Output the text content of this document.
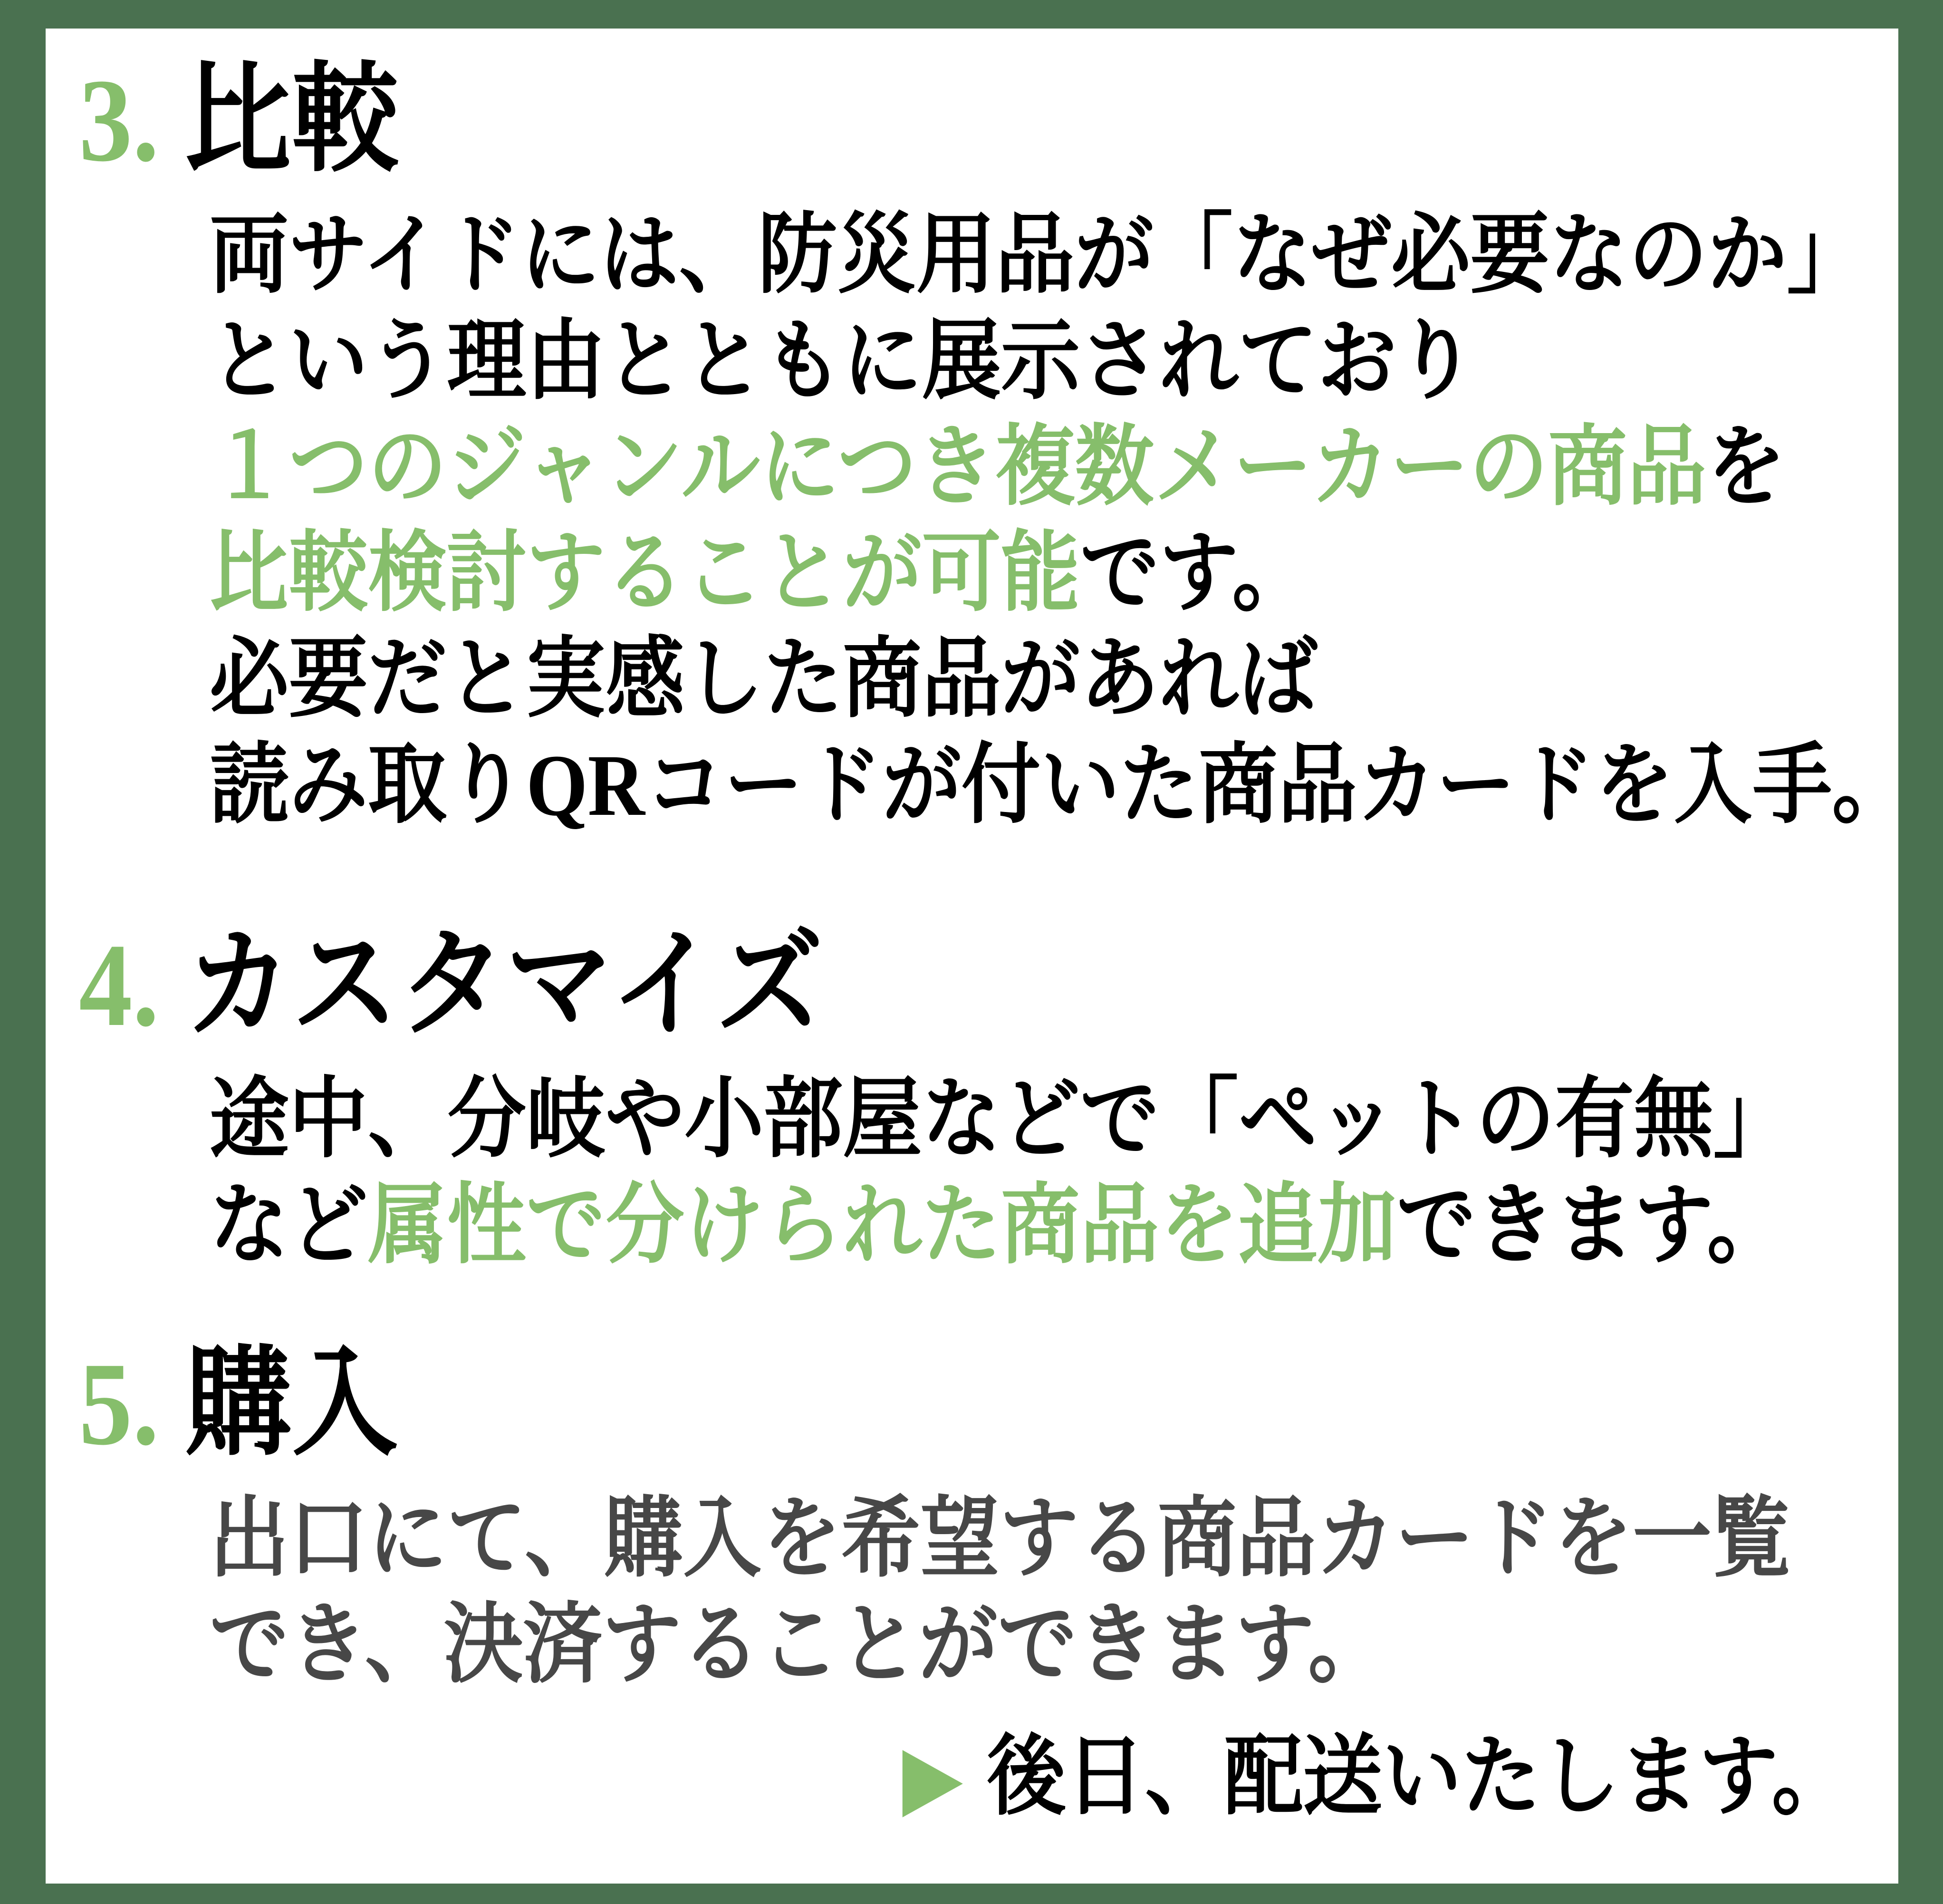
3. 比較

両サイドには、防災用品が「なぜ必要なのか」

という理由とともに展示されており

１つのジャンルにつき複数メーカーの商品を

比較検討することが可能です。

必要だと実感した商品があれば

読み取りQRコードが付いた商品カードを入手。

4. カスタマイズ

途中、分岐や小部屋などで「ペットの有無」

など属性で分けられた商品を追加できます。

5. 購入

出口にて、購入を希望する商品カードを一覧

でき、決済することができます。

▶ 後日、配送いたします。
